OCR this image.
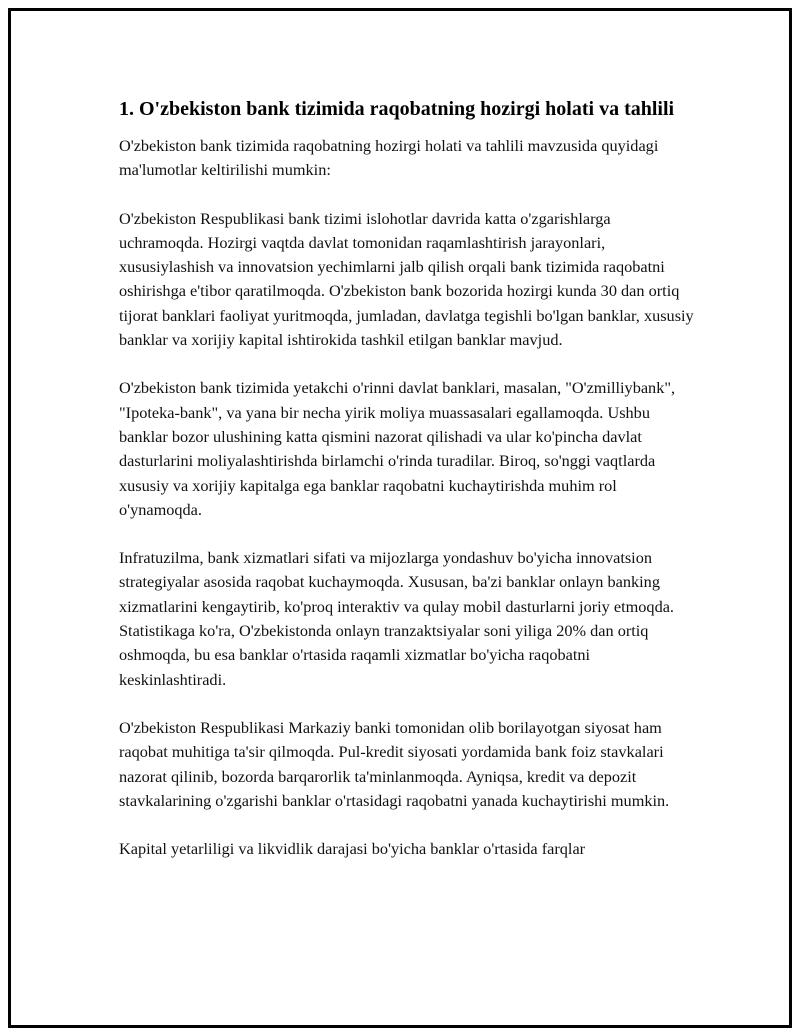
1. O'zbekiston bank tizimida raqobatning hozirgi holati va tahlili

O'zbekiston bank tizimida raqobatning hozirgi holati va tahlili mavzusida quyidagi ma'lumotlar keltirilishi mumkin:

O'zbekiston Respublikasi bank tizimi islohotlar davrida katta o'zgarishlarga uchramoqda. Hozirgi vaqtda davlat tomonidan raqamlashtirish jarayonlari, xususiylashish va innovatsion yechimlarni jalb qilish orqali bank tizimida raqobatni oshirishga e'tibor qaratilmoqda. O'zbekiston bank bozorida hozirgi kunda 30 dan ortiq tijorat banklari faoliyat yuritmoqda, jumladan, davlatga tegishli bo'lgan banklar, xususiy banklar va xorijiy kapital ishtirokida tashkil etilgan banklar mavjud.

O'zbekiston bank tizimida yetakchi o'rinni davlat banklari, masalan, "O'zmilliybank", "Ipoteka-bank", va yana bir necha yirik moliya muassasalari egallamoqda. Ushbu banklar bozor ulushining katta qismini nazorat qilishadi va ular ko'pincha davlat dasturlarini moliyalashtirishda birlamchi o'rinda turadilar. Biroq, so'nggi vaqtlarda xususiy va xorijiy kapitalga ega banklar raqobatni kuchaytirishda muhim rol o'ynamoqda.

Infratuzilma, bank xizmatlari sifati va mijozlarga yondashuv bo'yicha innovatsion strategiyalar asosida raqobat kuchaymoqda. Xususan, ba'zi banklar onlayn banking xizmatlarini kengaytirib, ko'proq interaktiv va qulay mobil dasturlarni joriy etmoqda. Statistikaga ko'ra, O'zbekistonda onlayn tranzaktsiyalar soni yiliga 20% dan ortiq oshmoqda, bu esa banklar o'rtasida raqamli xizmatlar bo'yicha raqobatni keskinlashtiradi.

O'zbekiston Respublikasi Markaziy banki tomonidan olib borilayotgan siyosat ham raqobat muhitiga ta'sir qilmoqda. Pul-kredit siyosati yordamida bank foiz stavkalari nazorat qilinib, bozorda barqarorlik ta'minlanmoqda. Ayniqsa, kredit va depozit stavkalarining o'zgarishi banklar o'rtasidagi raqobatni yanada kuchaytirishi mumkin.

Kapital yetarliligi va likvidlik darajasi bo'yicha banklar o'rtasida farqlar
